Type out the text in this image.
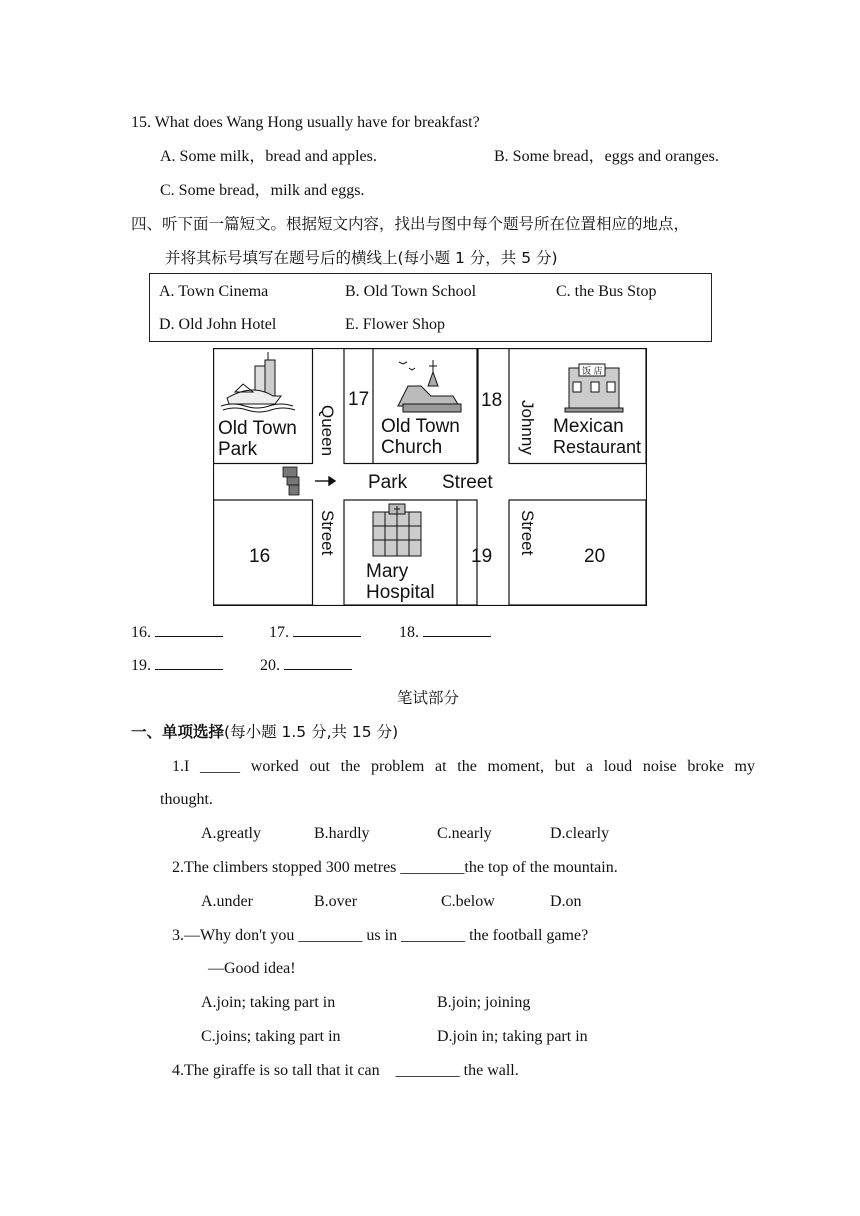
15. What does Wang Hong usually have for breakfast?
A. Some milk，bread and apples.	B. Some bread，eggs and oranges.
C. Some bread，milk and eggs.
四、听下面一篇短文。根据短文内容，找出与图中每个题号所在位置相应的地点，
并将其标号填写在题号后的横线上(每小题 1 分，共 5 分)
A. Town Cinema	B. Old Town School	C. the Bus Stop
D. Old John Hotel	E. Flower Shop
饭 店
Old Town
Park
Old Town
Church
Mexican
Restaurant
Mary
Hospital
Queen	Johnny
Street	Street
Park Street
17	18
16	19	20
16.	17.	18.
19.	20.
笔试部分
一、单项选择(每小题 1.5 分,共 15 分)
1.I _____ worked out the problem at the moment, but a loud noise broke my
thought.
A.greatly	B.hardly	C.nearly	D.clearly
2.The climbers stopped 300 metres ________the top of the mountain.
A.under	B.over	C.below	D.on
3.—Why don't you ________ us in ________ the football game?
—Good idea!
A.join; taking part in	B.join; joining
C.joins; taking part in	D.join in; taking part in
4.The giraffe is so tall that it can    ________ the wall.
